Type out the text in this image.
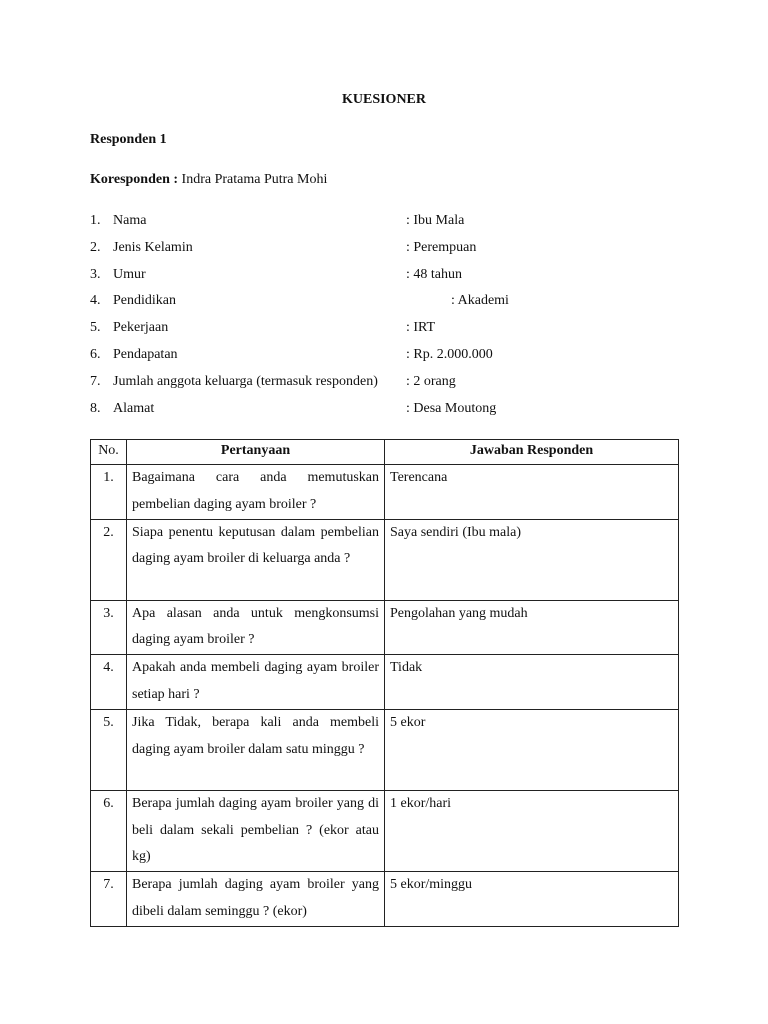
KUESIONER
Responden 1
Koresponden : Indra Pratama Putra Mohi
1. Nama	: Ibu Mala
2. Jenis Kelamin	: Perempuan
3. Umur	: 48 tahun
4. Pendidikan	: Akademi
5. Pekerjaan	: IRT
6. Pendapatan	: Rp. 2.000.000
7. Jumlah anggota keluarga (termasuk responden) : 2 orang
8. Alamat	: Desa Moutong
No.	Pertanyaan	Jawaban Responden
1.	Bagaimana cara anda memutuskan pembelian daging ayam broiler ?	Terencana
2.	Siapa penentu keputusan dalam pembelian daging ayam broiler di keluarga anda ?	Saya sendiri (Ibu mala)
3.	Apa alasan anda untuk mengkonsumsi daging ayam broiler ?	Pengolahan yang mudah
4.	Apakah anda membeli daging ayam broiler setiap hari ?	Tidak
5.	Jika Tidak, berapa kali anda membeli daging ayam broiler dalam satu minggu ?	5 ekor
6.	Berapa jumlah daging ayam broiler yang di beli dalam sekali pembelian ? (ekor atau kg)	1 ekor/hari
7.	Berapa jumlah daging ayam broiler yang dibeli dalam seminggu ? (ekor)	5 ekor/minggu
